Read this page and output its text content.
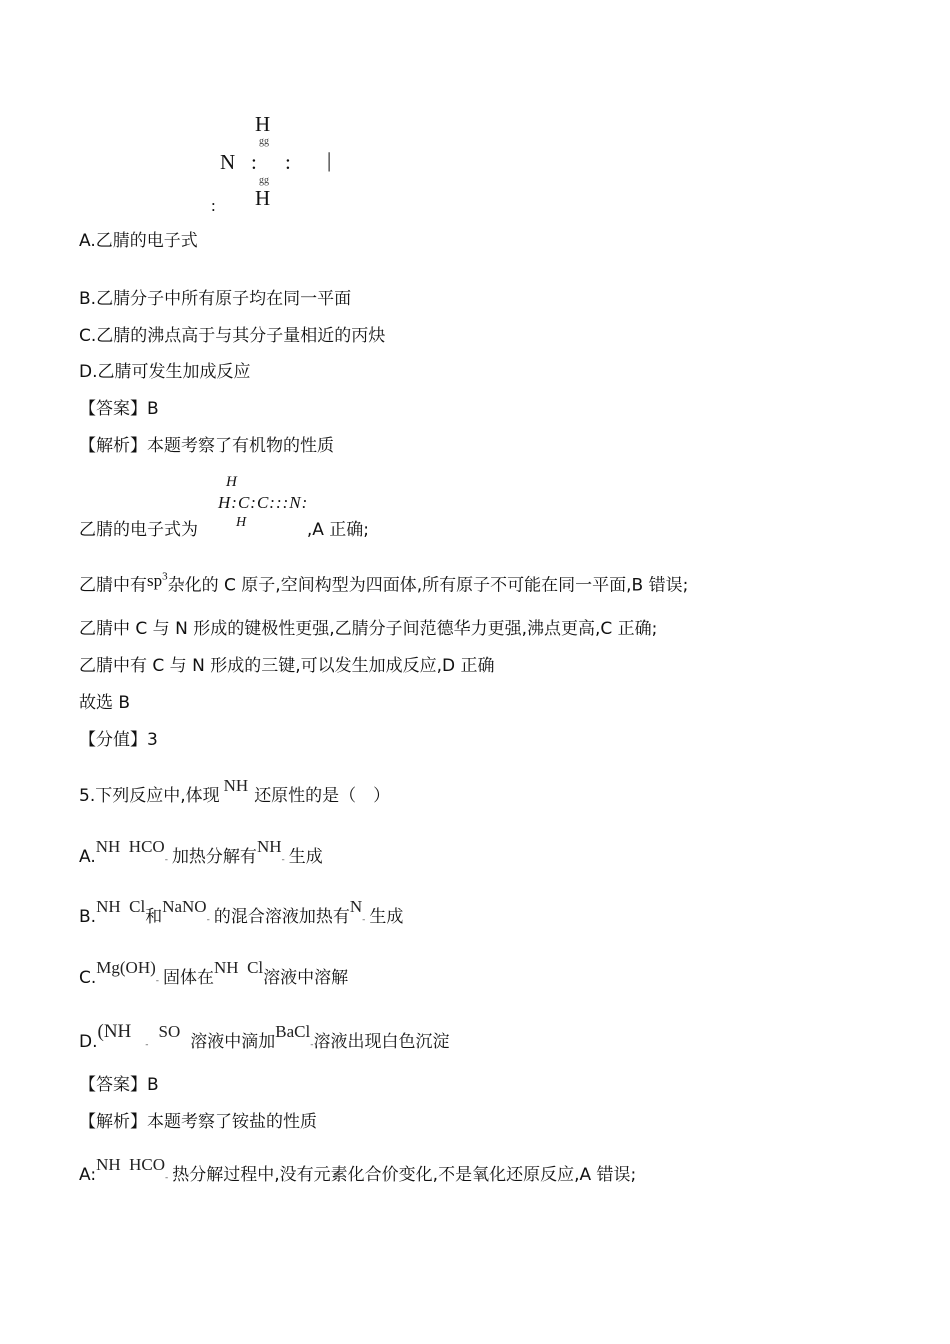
H
gg
N : : |
gg
H
:
A.乙腈的电子式
B.乙腈分子中所有原子均在同一平面
C.乙腈的沸点高于与其分子量相近的丙炔
D.乙腈可发生加成反应
【答案】B
【解析】本题考察了有机物的性质
H
H:C:C:::N:
H
乙腈的电子式为	,A 正确;
乙腈中有$sp^3$杂化的 C 原子,空间构型为四面体,所有原子不可能在同一平面,B 错误;
乙腈中 C 与 N 形成的键极性更强,乙腈分子间范德华力更强,沸点更高,C 正确;
乙腈中有 C 与 N 形成的三键,可以发生加成反应,D 正确
故选 B
【分值】3
5.下列反应中,体现NH还原性的是（　）
A.NH  HCO- 加热分解有NH- 生成
B.NH  Cl和NaNO- 的混合溶液加热有N- 生成
C.Mg(OH)- 固体在NH  Cl溶液中溶解
D.(NH-SO溶液中滴加BaCl-溶液出现白色沉淀
【答案】B
【解析】本题考察了铵盐的性质
A:NH  HCO- 热分解过程中,没有元素化合价变化,不是氧化还原反应,A 错误;
